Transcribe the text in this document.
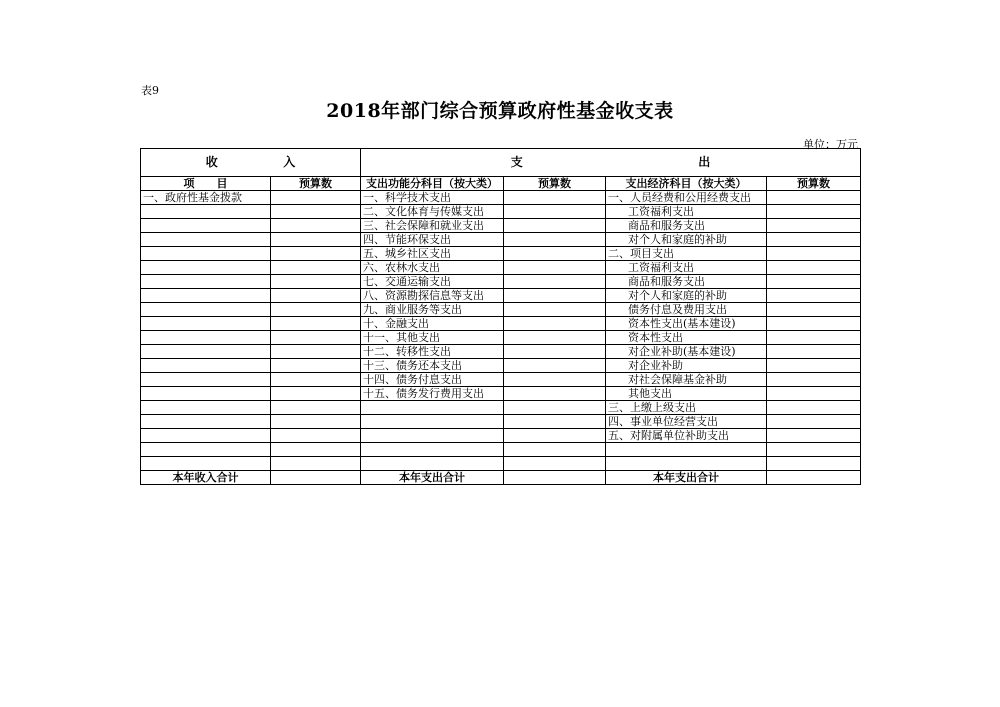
表9
2018年部门综合预算政府性基金收支表
单位：万元
收 入		支 出			

项　　目	预算数	支出功能分科目（按大类）	预算数	支出经济科目（按大类）	预算数
一、政府性基金拨款		一、科学技术支出		一、人员经费和公用经费支出	
		二、文化体育与传媒支出		工资福利支出	
		三、社会保障和就业支出		商品和服务支出	
		四、节能环保支出		对个人和家庭的补助	
		五、城乡社区支出		二、项目支出	
		六、农林水支出		工资福利支出	
		七、交通运输支出		商品和服务支出	
		八、资源勘探信息等支出		对个人和家庭的补助	
		九、商业服务等支出		债务付息及费用支出	
		十、金融支出		资本性支出(基本建设)	
		十一、其他支出		资本性支出	
		十二、转移性支出		对企业补助(基本建设)	
		十三、债务还本支出		对企业补助	
		十四、债务付息支出		对社会保障基金补助	
		十五、债务发行费用支出		其他支出	
				三、上缴上级支出	
				四、事业单位经营支出	
				五、对附属单位补助支出	

本年收入合计		本年支出合计		本年支出合计	
